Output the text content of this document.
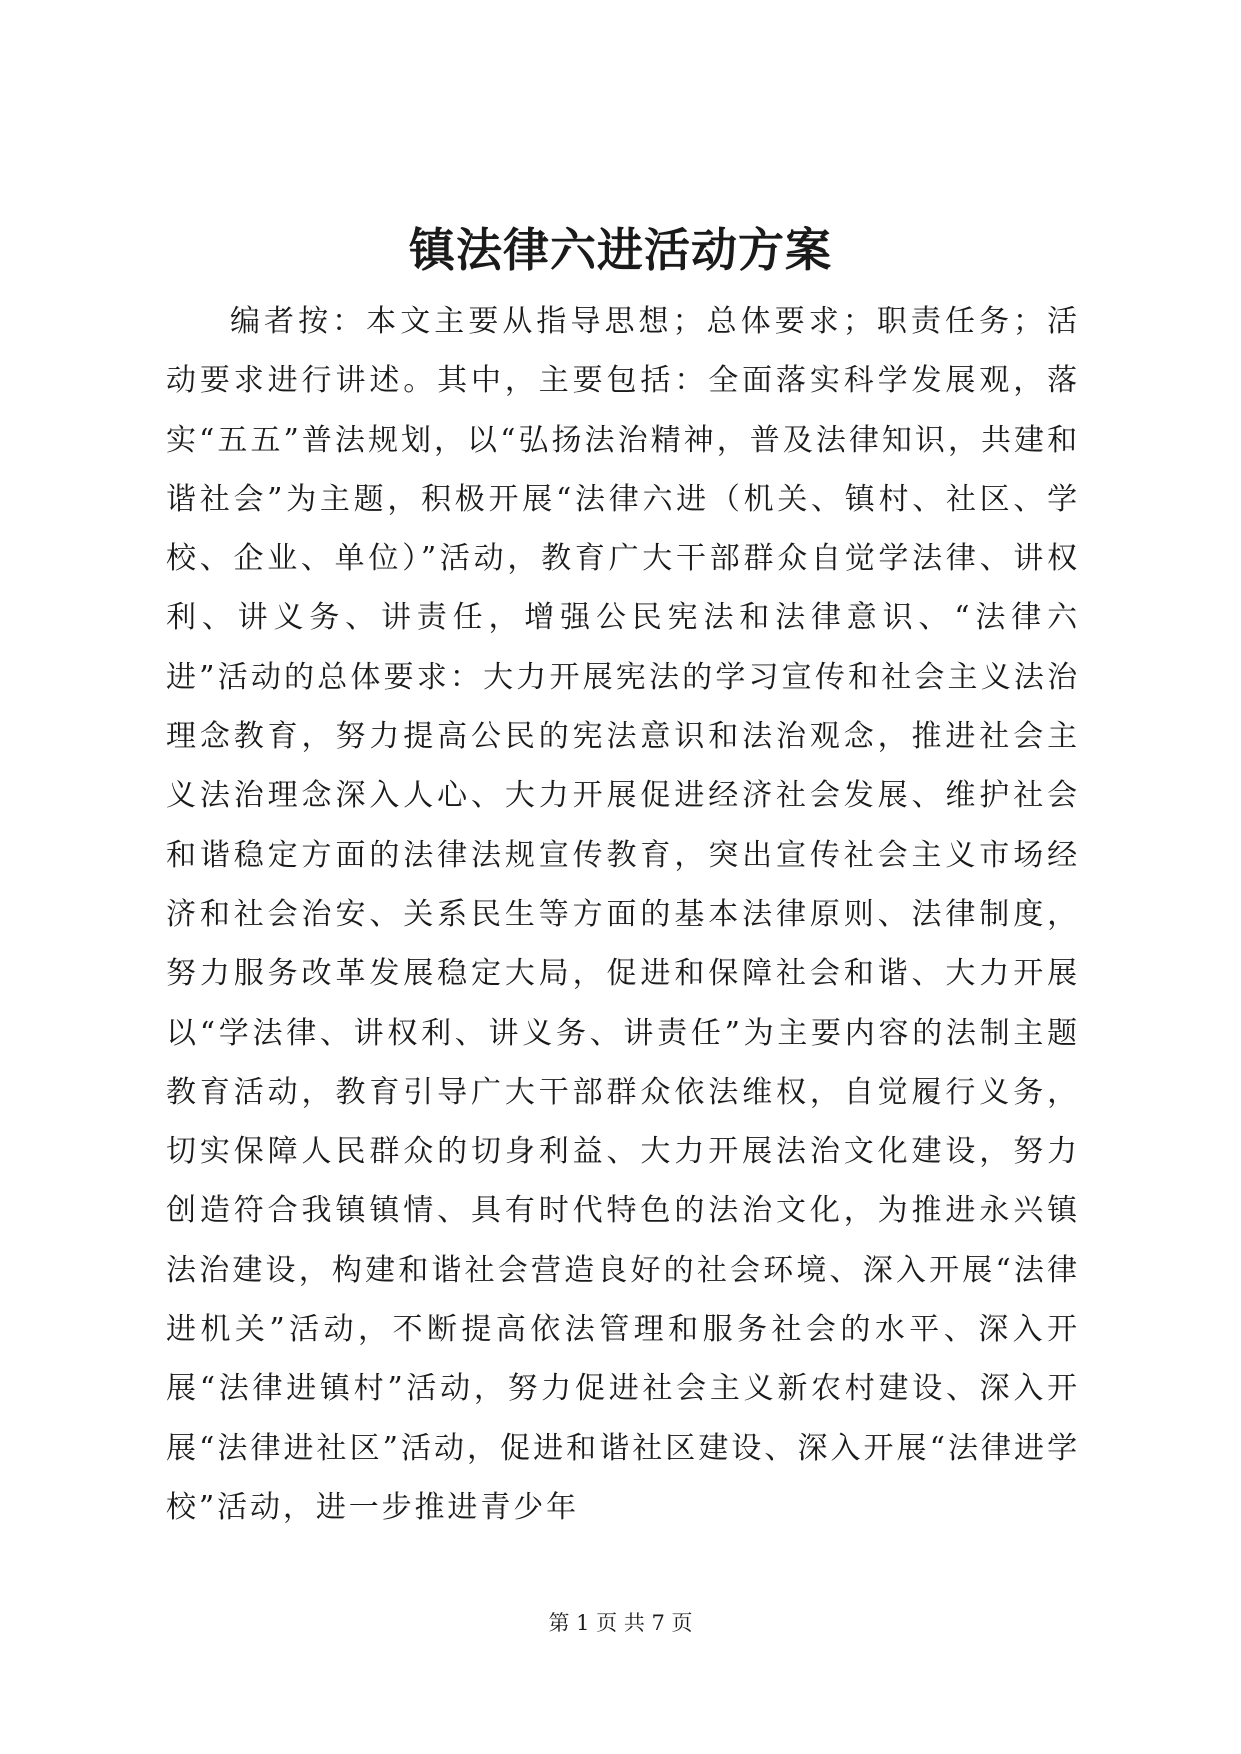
镇法律六进活动方案

编者按：本文主要从指导思想；总体要求；职责任务；活动要求进行讲述。其中，主要包括：全面落实科学发展观，落实“五五”普法规划，以“弘扬法治精神，普及法律知识，共建和谐社会”为主题，积极开展“法律六进（机关、镇村、社区、学校、企业、单位）”活动，教育广大干部群众自觉学法律、讲权利、讲义务、讲责任，增强公民宪法和法律意识、“法律六进”活动的总体要求：大力开展宪法的学习宣传和社会主义法治理念教育，努力提高公民的宪法意识和法治观念，推进社会主义法治理念深入人心、大力开展促进经济社会发展、维护社会和谐稳定方面的法律法规宣传教育，突出宣传社会主义市场经济和社会治安、关系民生等方面的基本法律原则、法律制度，努力服务改革发展稳定大局，促进和保障社会和谐、大力开展以“学法律、讲权利、讲义务、讲责任”为主要内容的法制主题教育活动，教育引导广大干部群众依法维权，自觉履行义务，切实保障人民群众的切身利益、大力开展法治文化建设，努力创造符合我镇镇情、具有时代特色的法治文化，为推进永兴镇法治建设，构建和谐社会营造良好的社会环境、深入开展“法律进机关”活动，不断提高依法管理和服务社会的水平、深入开展“法律进镇村”活动，努力促进社会主义新农村建设、深入开展“法律进社区”活动，促进和谐社区建设、深入开展“法律进学校”活动，进一步推进青少年

第 1 页 共 7 页
